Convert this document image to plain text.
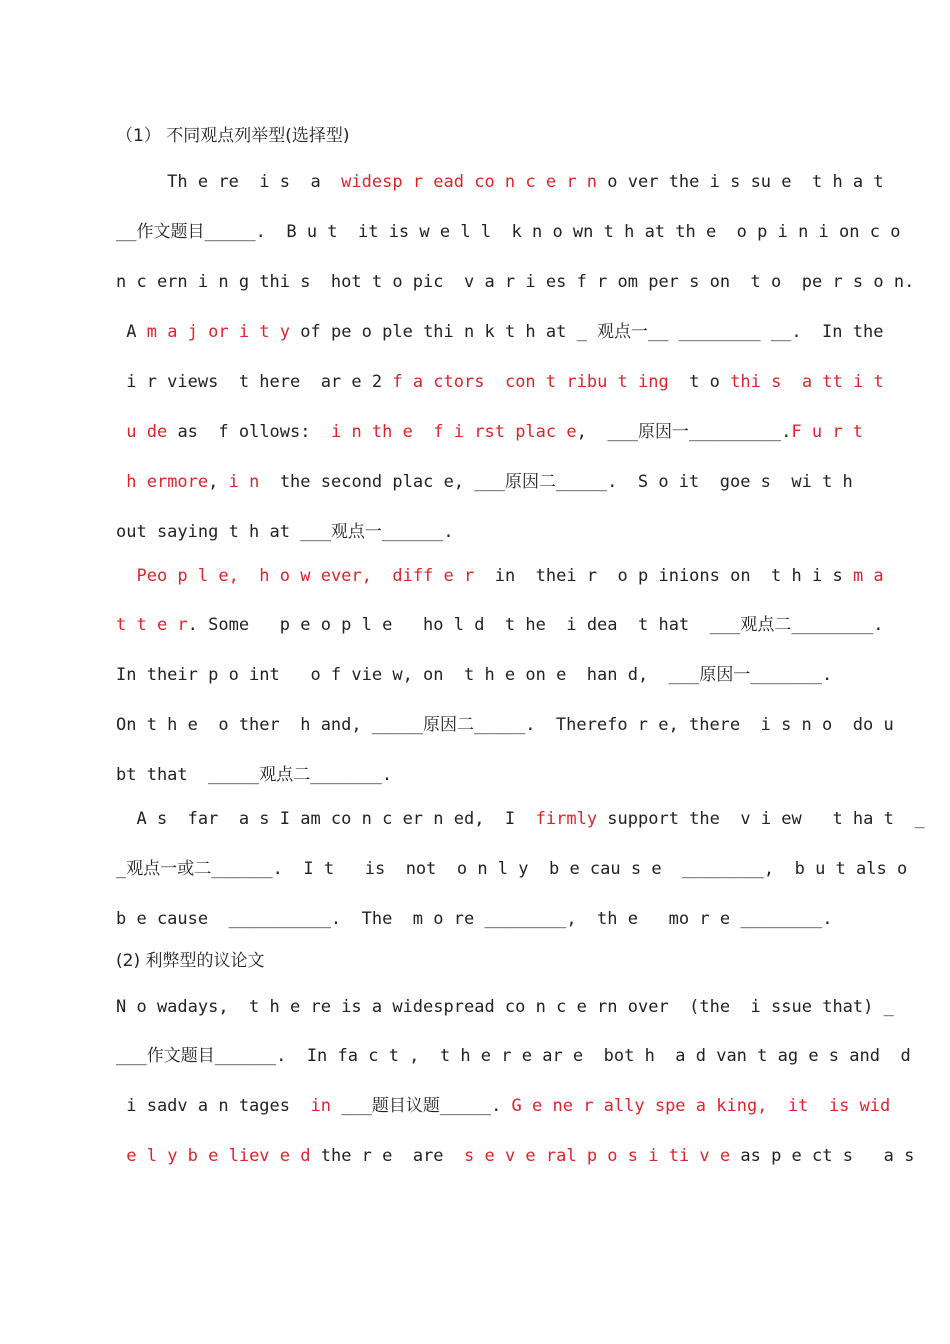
（1） 不同观点列举型(选择型)
Th e re  i s  a  widesp r ead co n c e r n o ver the i s su e  t h a t
__作文题目_____.  B u t  it is w e l l  k n o wn t h at th e  o p i n i on c o
n c ern i n g thi s  hot t o pic  v a r i es f r om per s on  t o  pe r s o n.
A m a j or i t y of pe o ple thi n k t h at _ 观点一__ ________ __.  In the
i r views  t here  ar e 2 f a ctors con t ribu t ing  t o thi s a tt i t
u de as  f ollows:  i n th e  f i rst plac e,  ___原因一_________.F u r t
h ermore, i n  the second plac e, ___原因二_____.  S o it  goe s  wi t h
out saying t h at ___观点一______.
Peo p l e,  h o w ever,  diff e r  in  thei r  o p inions on  t h i s m a
t t e r. Some   p e o p l e   ho l d  t he  i dea  t hat  ___观点二________.
In their p o int   o f vie w, on  t h e on e  han d,  ___原因一_______.
On t h e  o ther  h and, _____原因二_____.  Therefo r e, there  i s n o  do u
bt that  _____观点二_______.
A s  far  a s I am co n c er n ed,  I  firmly support the  v i ew   t ha t  _
_观点一或二______.  I t   is  not  o n l y  b e cau s e  ________,  b u t als o
b e cause  __________.  The  m o re ________,  th e   mo r e ________.
(2) 利弊型的议论文
N o wadays,  t h e re is a widespread co n c e rn over  (the  i ssue that) _
___作文题目______.  In fa c t ,  t h e r e ar e  bot h  a d van t ag e s and  d
i sadv a n tages  in ___题目议题_____. G e ne r ally spe a king,  it  is wid
e l y b e liev e d the r e  are  s e v e ral p o s i ti v e as p e ct s   a s
